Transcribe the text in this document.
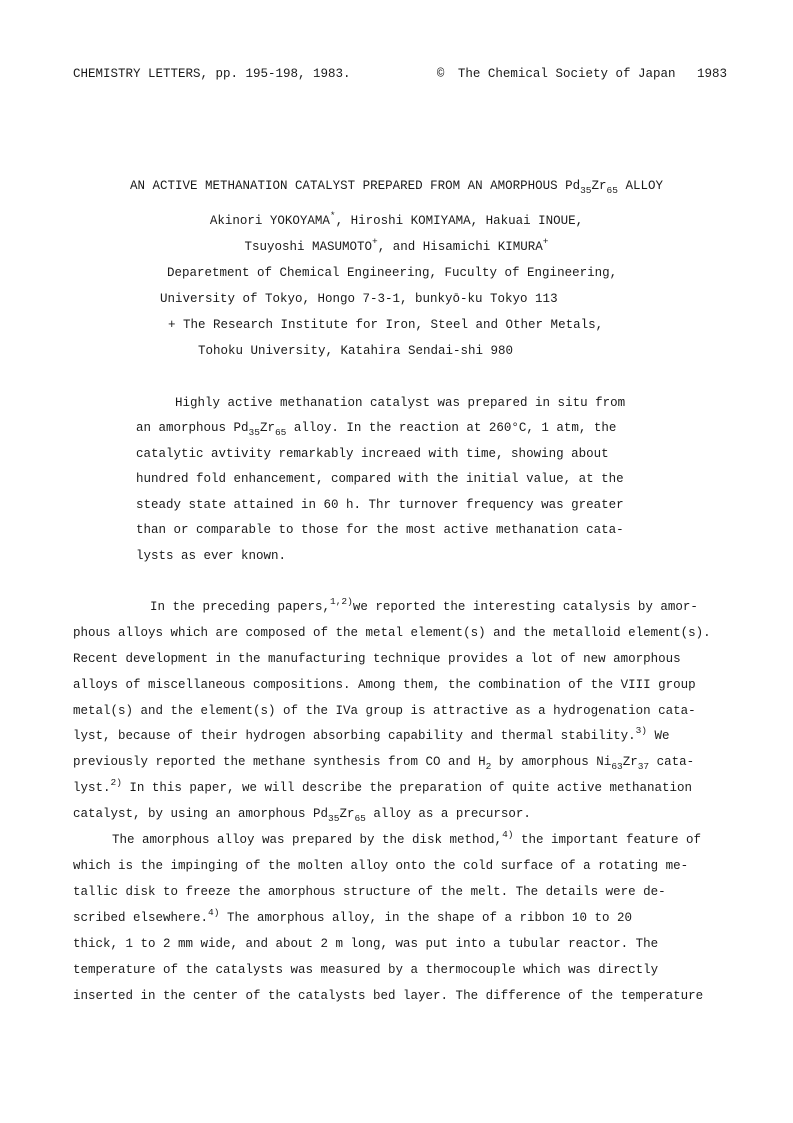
CHEMISTRY LETTERS, pp. 195-198, 1983.	© The Chemical Society of Japan 1983
AN ACTIVE METHANATION CATALYST PREPARED FROM AN AMORPHOUS $Pd_{35}Zr_{65}$ ALLOY
Akinori YOKOYAMA*, Hiroshi KOMIYAMA, Hakuai INOUE,
Tsuyoshi MASUMOTO+, and Hisamichi KIMURA+
Deparetment of Chemical Engineering, Fuculty of Engineering,
University of Tokyo, Hongo 7-3-1, bunkyō-ku Tokyo 113
+ The Research Institute for Iron, Steel and Other Metals,
Tohoku University, Katahira Sendai-shi 980
Highly active methanation catalyst was prepared in situ from
an amorphous $Pd_{35}Zr_{65}$ alloy. In the reaction at 260°C, 1 atm, the
catalytic avtivity remarkably increaed with time, showing about
hundred fold enhancement, compared with the initial value, at the
steady state attained in 60 h. Thr turnover frequency was greater
than or comparable to those for the most active methanation cata-
lysts as ever known.
In the preceding papers,$^{1,2)}$we reported the interesting catalysis by amor-
phous alloys which are composed of the metal element(s) and the metalloid element(s).
Recent development in the manufacturing technique provides a lot of new amorphous
alloys of miscellaneous compositions. Among them, the combination of the VIII group
metal(s) and the element(s) of the IVa group is attractive as a hydrogenation cata-
lyst, because of their hydrogen absorbing capability and thermal stability.$^{3)}$ We
previously reported the methane synthesis from CO and $H_2$ by amorphous $Ni_{63}Zr_{37}$ cata-
lyst.$^{2)}$ In this paper, we will describe the preparation of quite active methanation
catalyst, by using an amorphous $Pd_{35}Zr_{65}$ alloy as a precursor.
The amorphous alloy was prepared by the disk method,$^{4)}$ the important feature of
which is the impinging of the molten alloy onto the cold surface of a rotating me-
tallic disk to freeze the amorphous structure of the melt. The details were de-
scribed elsewhere.$^{4)}$ The amorphous alloy, in the shape of a ribbon 10 to 20
thick, 1 to 2 mm wide, and about 2 m long, was put into a tubular reactor. The
temperature of the catalysts was measured by a thermocouple which was directly
inserted in the center of the catalysts bed layer. The difference of the temperature
